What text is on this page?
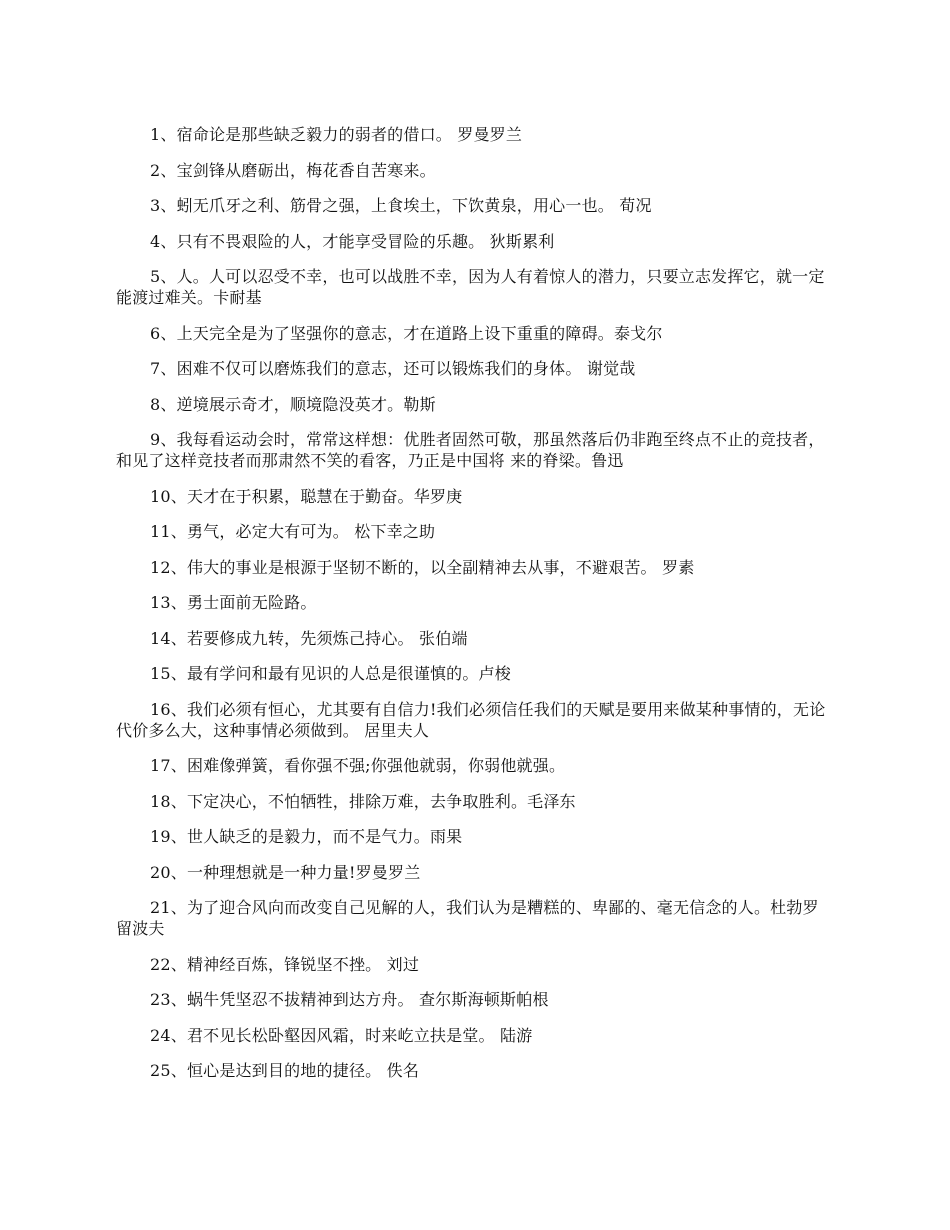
1、宿命论是那些缺乏毅力的弱者的借口。 罗曼罗兰
2、宝剑锋从磨砺出，梅花香自苦寒来。
3、蚓无爪牙之利、筋骨之强，上食埃土，下饮黄泉，用心一也。 荀况
4、只有不畏艰险的人，才能享受冒险的乐趣。 狄斯累利
5、人。人可以忍受不幸，也可以战胜不幸，因为人有着惊人的潜力，只要立志发挥它，就一定能渡过难关。卡耐基
6、上天完全是为了坚强你的意志，才在道路上设下重重的障碍。泰戈尔
7、困难不仅可以磨炼我们的意志，还可以锻炼我们的身体。 谢觉哉
8、逆境展示奇才，顺境隐没英才。勒斯
9、我每看运动会时，常常这样想：优胜者固然可敬，那虽然落后仍非跑至终点不止的竞技者，和见了这样竞技者而那肃然不笑的看客，乃正是中国将 来的脊梁。鲁迅
10、天才在于积累，聪慧在于勤奋。华罗庚
11、勇气，必定大有可为。 松下幸之助
12、伟大的事业是根源于坚韧不断的，以全副精神去从事，不避艰苦。 罗素
13、勇士面前无险路。
14、若要修成九转，先须炼己持心。 张伯端
15、最有学问和最有见识的人总是很谨慎的。卢梭
16、我们必须有恒心，尤其要有自信力!我们必须信任我们的天赋是要用来做某种事情的，无论代价多么大，这种事情必须做到。 居里夫人
17、困难像弹簧，看你强不强;你强他就弱，你弱他就强。
18、下定决心，不怕牺牲，排除万难，去争取胜利。毛泽东
19、世人缺乏的是毅力，而不是气力。雨果
20、一种理想就是一种力量!罗曼罗兰
21、为了迎合风向而改变自己见解的人，我们认为是糟糕的、卑鄙的、毫无信念的人。杜勃罗留波夫
22、精神经百炼，锋锐坚不挫。 刘过
23、蜗牛凭坚忍不拔精神到达方舟。 查尔斯海顿斯帕根
24、君不见长松卧壑因风霜，时来屹立扶是堂。 陆游
25、恒心是达到目的地的捷径。 佚名
